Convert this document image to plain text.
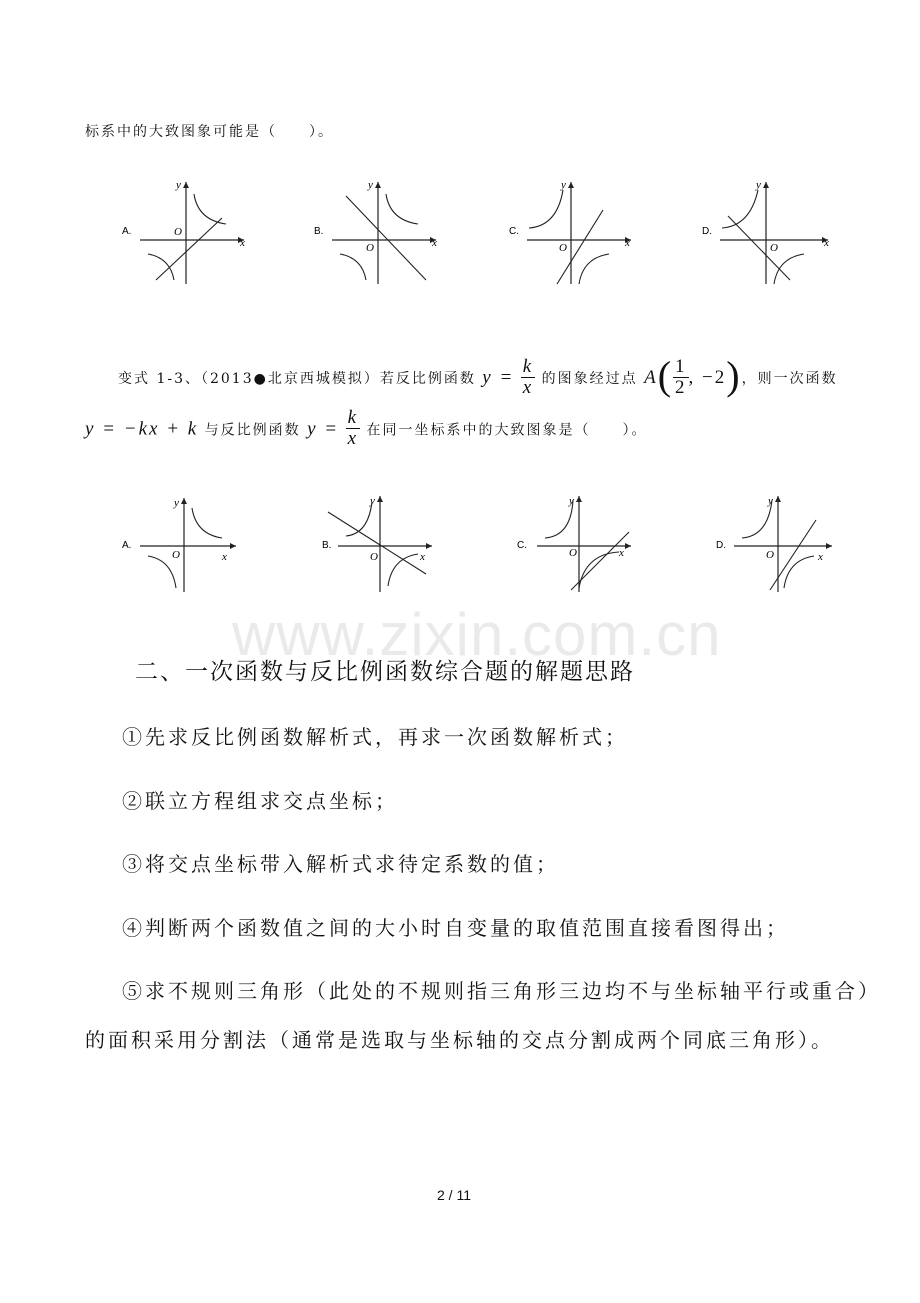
标系中的大致图象可能是（　　）。
A.
x
y
O	B.
x
y
O
C.
x
y
O
D.
x
y
O
变式 1-3、（2013●北京西城模拟）若反比例函数 $y = \frac{k}{x}$ 的图象经过点 $A( \frac{1}{2}$ , −2)，则一次函数
y = −kx + k 与反比例函数 $y = \frac{k}{x}$ 在同一坐标系中的大致图象是（　　）。
A.
x
y
O
B.
x
y
O
C.
x
y
O
D.
x
y
O
www.zixin.com.cn
二、一次函数与反比例函数综合题的解题思路
①先求反比例函数解析式，再求一次函数解析式；
②联立方程组求交点坐标；
③将交点坐标带入解析式求待定系数的值；
④判断两个函数值之间的大小时自变量的取值范围直接看图得出；
⑤求不规则三角形（此处的不规则指三角形三边均不与坐标轴平行或重合）
的面积采用分割法（通常是选取与坐标轴的交点分割成两个同底三角形）。
2 / 11
